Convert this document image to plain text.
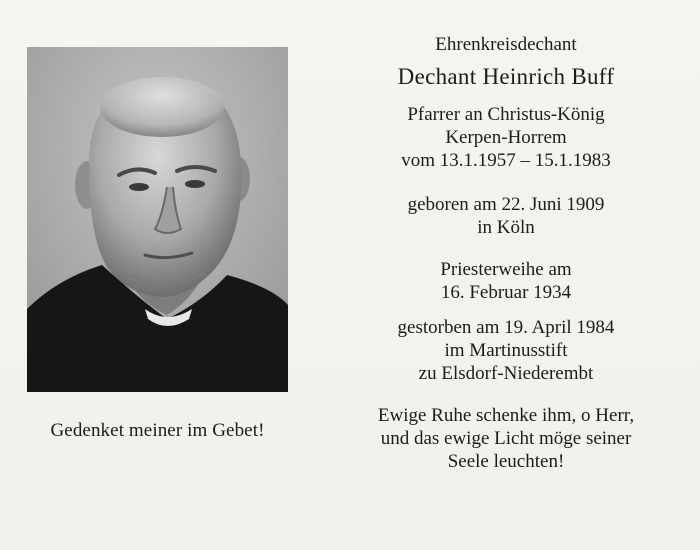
Gedenket meiner im Gebet!
Ehrenkreisdechant
Dechant Heinrich Buff
Pfarrer an Christus-König
Kerpen-Horrem
vom 13.1.1957 – 15.1.1983
geboren am 22. Juni 1909
in Köln
Priesterweihe am
16. Februar 1934
gestorben am 19. April 1984
im Martinusstift
zu Elsdorf-Niederembt
Ewige Ruhe schenke ihm, o Herr,
und das ewige Licht möge seiner
Seele leuchten!
